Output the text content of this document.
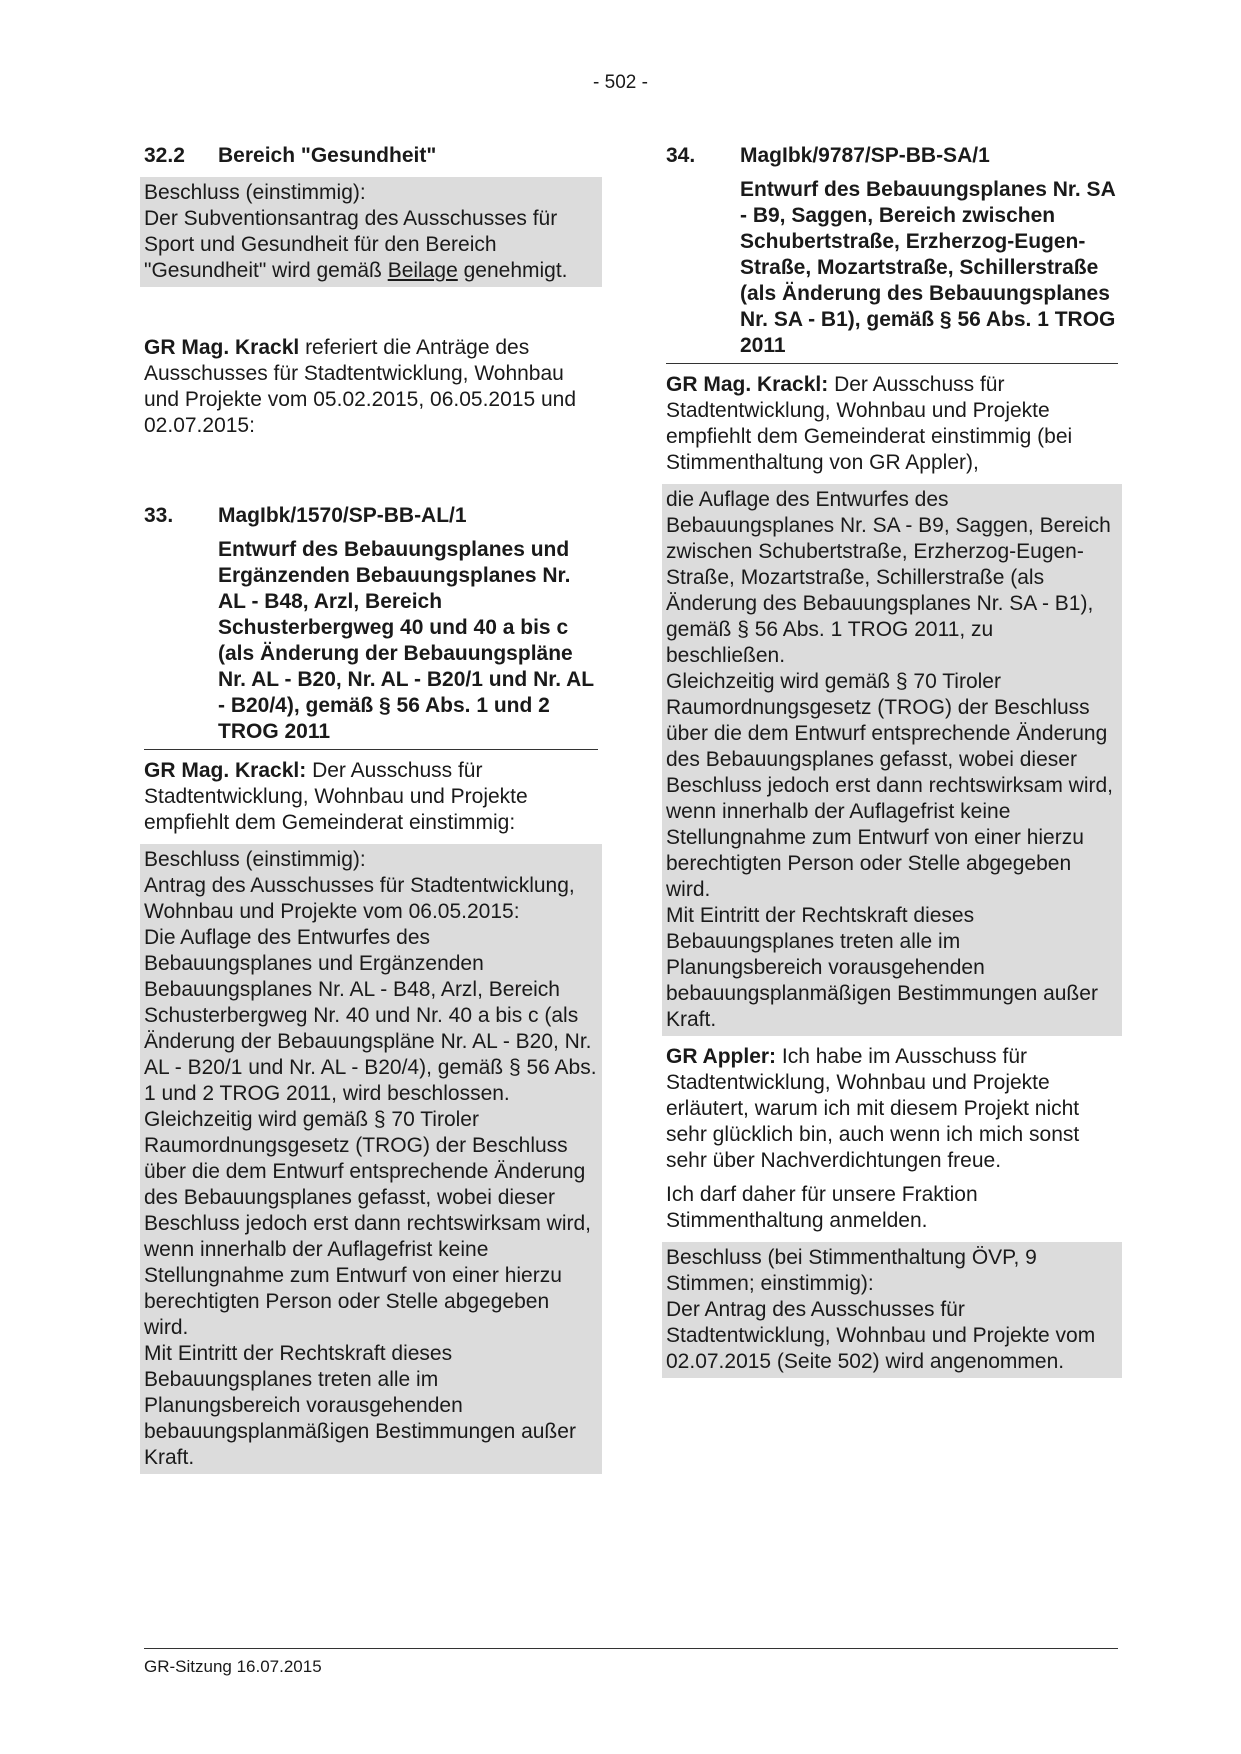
- 502 -
32.2	Bereich "Gesundheit"

Beschluss (einstimmig):

Der Subventionsantrag des Ausschusses für Sport und Gesundheit für den Bereich "Gesundheit" wird gemäß Beilage genehmigt.

GR Mag. Krackl referiert die Anträge des Ausschusses für Stadtentwicklung, Wohnbau und Projekte vom 05.02.2015, 06.05.2015 und 02.07.2015:

33.	MagIbk/1570/SP-BB-AL/1
Entwurf des Bebauungsplanes und Ergänzenden Bebauungsplanes Nr. AL - B48, Arzl, Bereich Schusterbergweg 40 und 40 a bis c (als Änderung der Bebauungspläne Nr. AL - B20, Nr. AL - B20/1 und Nr. AL - B20/4), gemäß § 56 Abs. 1 und 2 TROG 2011

GR Mag. Krackl: Der Ausschuss für Stadtentwicklung, Wohnbau und Projekte empfiehlt dem Gemeinderat einstimmig:

Beschluss (einstimmig):

Antrag des Ausschusses für Stadtentwicklung, Wohnbau und Projekte vom 06.05.2015:

Die Auflage des Entwurfes des Bebauungsplanes und Ergänzenden Bebauungsplanes Nr. AL - B48, Arzl, Bereich Schusterbergweg Nr. 40 und Nr. 40 a bis c (als Änderung der Bebauungspläne Nr. AL - B20, Nr. AL - B20/1 und Nr. AL - B20/4), gemäß § 56 Abs. 1 und 2 TROG 2011, wird beschlossen.

Gleichzeitig wird gemäß § 70 Tiroler Raumordnungsgesetz (TROG) der Beschluss über die dem Entwurf entsprechende Änderung des Bebauungsplanes gefasst, wobei dieser Beschluss jedoch erst dann rechtswirksam wird, wenn innerhalb der Auflagefrist keine Stellungnahme zum Entwurf von einer hierzu berechtigten Person oder Stelle abgegeben wird.

Mit Eintritt der Rechtskraft dieses Bebauungsplanes treten alle im Planungsbereich vorausgehenden bebauungsplanmäßigen Bestimmungen außer Kraft.

34.	MagIbk/9787/SP-BB-SA/1
Entwurf des Bebauungsplanes Nr. SA - B9, Saggen, Bereich zwischen Schubertstraße, Erzherzog-Eugen-Straße, Mozartstraße, Schillerstraße (als Änderung des Bebauungsplanes Nr. SA - B1), gemäß § 56 Abs. 1 TROG 2011

GR Mag. Krackl: Der Ausschuss für Stadtentwicklung, Wohnbau und Projekte empfiehlt dem Gemeinderat einstimmig (bei Stimmenthaltung von GR Appler),

die Auflage des Entwurfes des Bebauungsplanes Nr. SA - B9, Saggen, Bereich zwischen Schubertstraße, Erzherzog-Eugen-Straße, Mozartstraße, Schillerstraße (als Änderung des Bebauungsplanes Nr. SA - B1), gemäß § 56 Abs. 1 TROG 2011, zu beschließen.

Gleichzeitig wird gemäß § 70 Tiroler Raumordnungsgesetz (TROG) der Beschluss über die dem Entwurf entsprechende Änderung des Bebauungsplanes gefasst, wobei dieser Beschluss jedoch erst dann rechtswirksam wird, wenn innerhalb der Auflagefrist keine Stellungnahme zum Entwurf von einer hierzu berechtigten Person oder Stelle abgegeben wird.

Mit Eintritt der Rechtskraft dieses Bebauungsplanes treten alle im Planungsbereich vorausgehenden bebauungsplanmäßigen Bestimmungen außer Kraft.

GR Appler: Ich habe im Ausschuss für Stadtentwicklung, Wohnbau und Projekte erläutert, warum ich mit diesem Projekt nicht sehr glücklich bin, auch wenn ich mich sonst sehr über Nachverdichtungen freue.

Ich darf daher für unsere Fraktion Stimmenthaltung anmelden.

Beschluss (bei Stimmenthaltung ÖVP, 9 Stimmen; einstimmig):

Der Antrag des Ausschusses für Stadtentwicklung, Wohnbau und Projekte vom 02.07.2015 (Seite 502) wird angenommen.

GR-Sitzung 16.07.2015
